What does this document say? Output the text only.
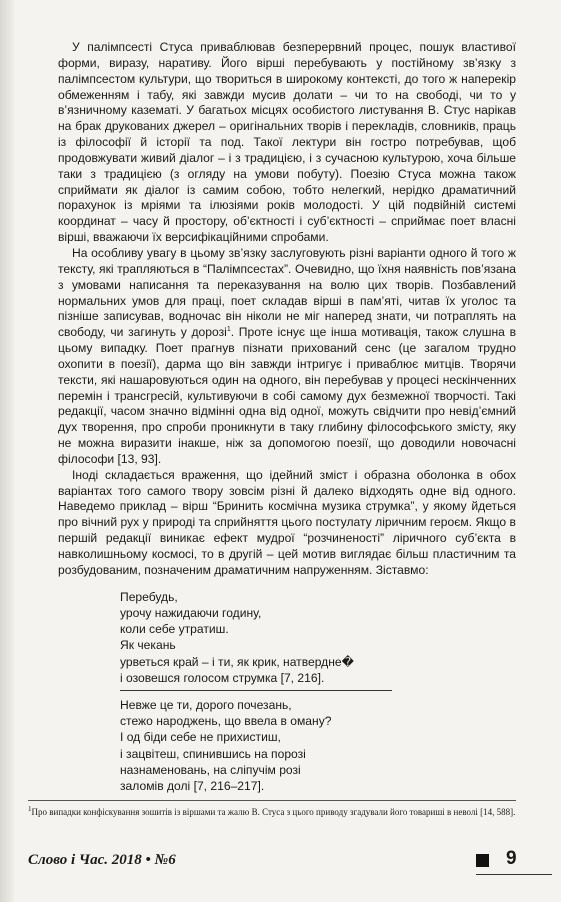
У палімпсесті Стуса приваблював безперервний процес, пошук властивої форми, виразу, наративу. Його вірші перебувають у постійному зв’язку з палімпсестом культури, що твориться в широкому контексті, до того ж наперекір обмеженням і табу, які завжди мусив долати – чи то на свободі, чи то у в’язничному казематі. У багатьох місцях особистого листування В. Стус нарікав на брак друкованих джерел – оригінальних творів і перекладів, словників, праць із філософії й історії та под. Такої лектури він гостро потребував, щоб продовжувати живий діалог – і з традицією, і з сучасною культурою, хоча більше таки з традицією (з огляду на умови побуту). Поезію Стуса можна також сприймати як діалог із самим собою, тобто нелегкий, нерідко драматичний порахунок із мріями та ілюзіями років молодості. У цій подвійній системі координат – часу й простору, об’єктності і суб’єктності – сприймає поет власні вірші, вважаючи їх версифікаційними спробами.

На особливу увагу в цьому зв’язку заслуговують різні варіанти одного й того ж тексту, які трапляються в “Палімпсестах”. Очевидно, що їхня наявність пов’язана з умовами написання та переказування на волю цих творів. Позбавлений нормальних умов для праці, поет складав вірші в пам’яті, читав їх уголос та пізніше записував, водночас він ніколи не міг наперед знати, чи потраплять на свободу, чи загинуть у дорозі$^1$. Проте існує ще інша мотивація, також слушна в цьому випадку. Поет прагнув пізнати прихований сенс (це загалом трудно охопити в поезії), дарма що він завжди інтригує і приваблює митців. Творячи тексти, які нашаровуються один на одного, він перебував у процесі нескінченних перемін і трансгресій, культивуючи в собі самому дух безмежної творчості. Такі редакції, часом значно відмінні одна від одної, можуть свідчити про невід’ємний дух творення, про спроби проникнути в таку глибину філософського змісту, яку не можна виразити інакше, ніж за допомогою поезії, що доводили новочасні філософи [13, 93].

Іноді складається враження, що ідейний зміст і образна оболонка в обох варіантах того самого твору зовсім різні й далеко відходять одне від одного. Наведемо приклад – вірш “Бринить космічна музика струмка”, у якому йдеться про вічний рух у природі та сприйняття цього постулату ліричним героєм. Якщо в першій редакції виникає ефект мудрої “розчиненості” ліричного суб’єкта в навколишньому космосі, то в другій – цей мотив виглядає більш пластичним та розбудованим, позначеним драматичним напруженням. Зіставмо:

Перебудь,
урочу нажидаючи годину,
коли себе утратиш.
Як чекань
урветься край – і ти, як крик, натвердне�
і озовешся голосом струмка [7, 216].
Невже це ти, дорого почезань,
стежо народжень, що ввела в оману?
І од біди себе не прихистиш,
і зацвітеш, спинившись на порозі
назнаменовань, на сліпучім розі
заломів долі [7, 216–217].
$^1$Про випадки конфіскування зошитів із віршами та жалю В. Стуса з цього приводу згадували його товариші в неволі [14, 588].
Слово і Час. 2018 • №6	9
